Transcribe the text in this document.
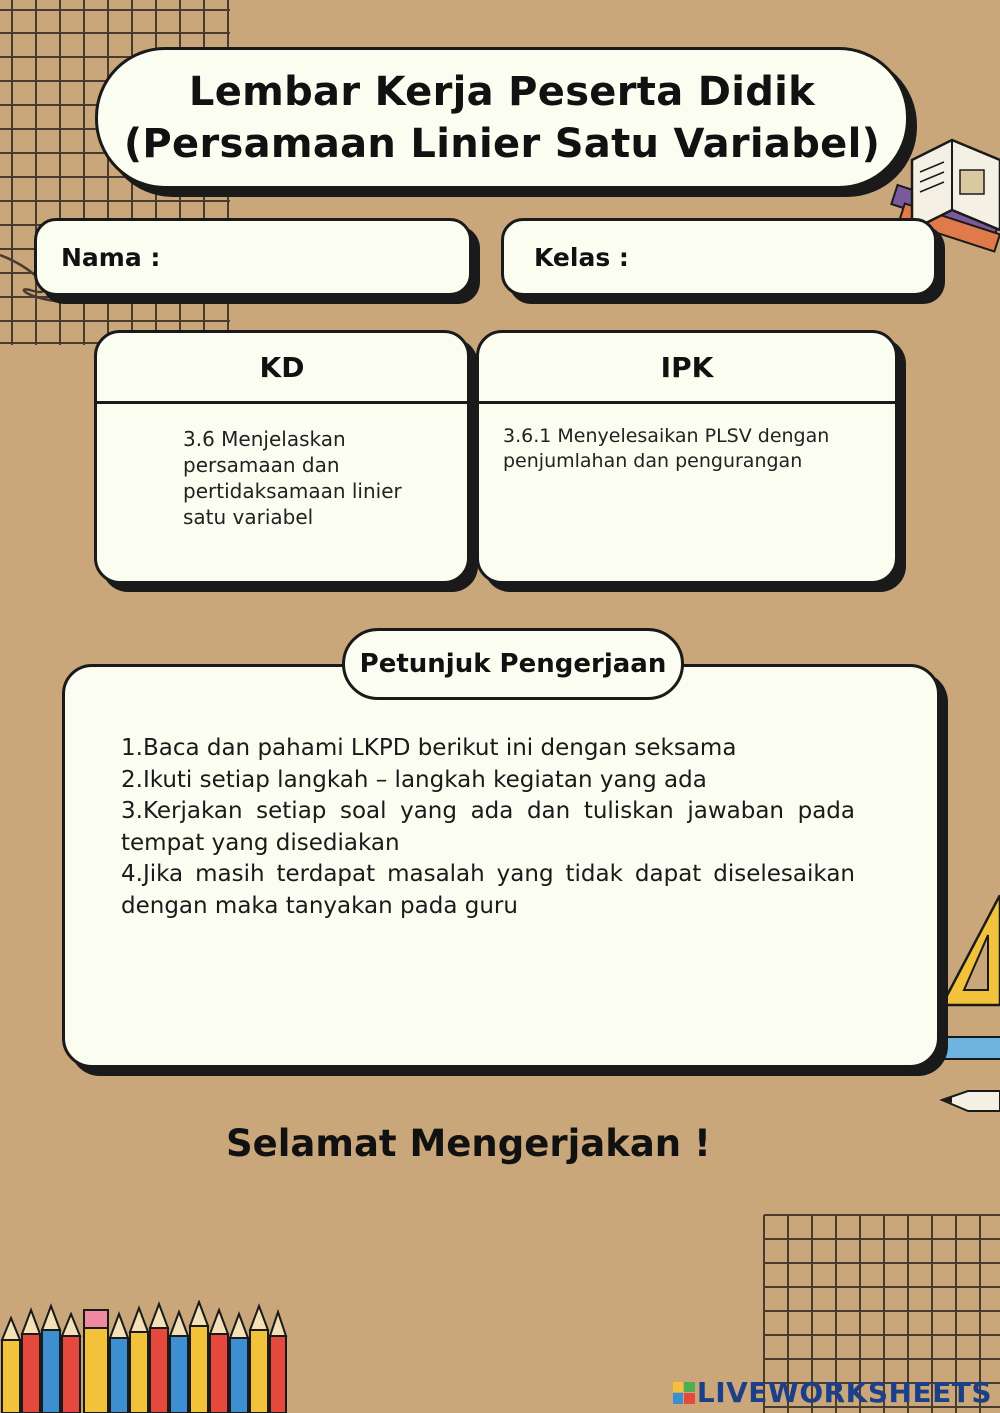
Lembar Kerja Peserta Didik
(Persamaan Linier Satu Variabel)
Nama :	Kelas :
KD
3.6 Menjelaskan
persamaan dan
pertidaksamaan linier
satu variabel
IPK
3.6.1 Menyelesaikan PLSV dengan
penjumlahan dan pengurangan
1.Baca dan pahami LKPD berikut ini dengan seksama
2.Ikuti setiap langkah – langkah kegiatan yang ada
3.Kerjakan setiap soal yang ada dan tuliskan jawaban pada tempat yang disediakan
4.Jika masih terdapat masalah yang tidak dapat diselesaikan dengan maka tanyakan pada guru
Petunjuk Pengerjaan
Selamat Mengerjakan !
LIVEWORKSHEETS
